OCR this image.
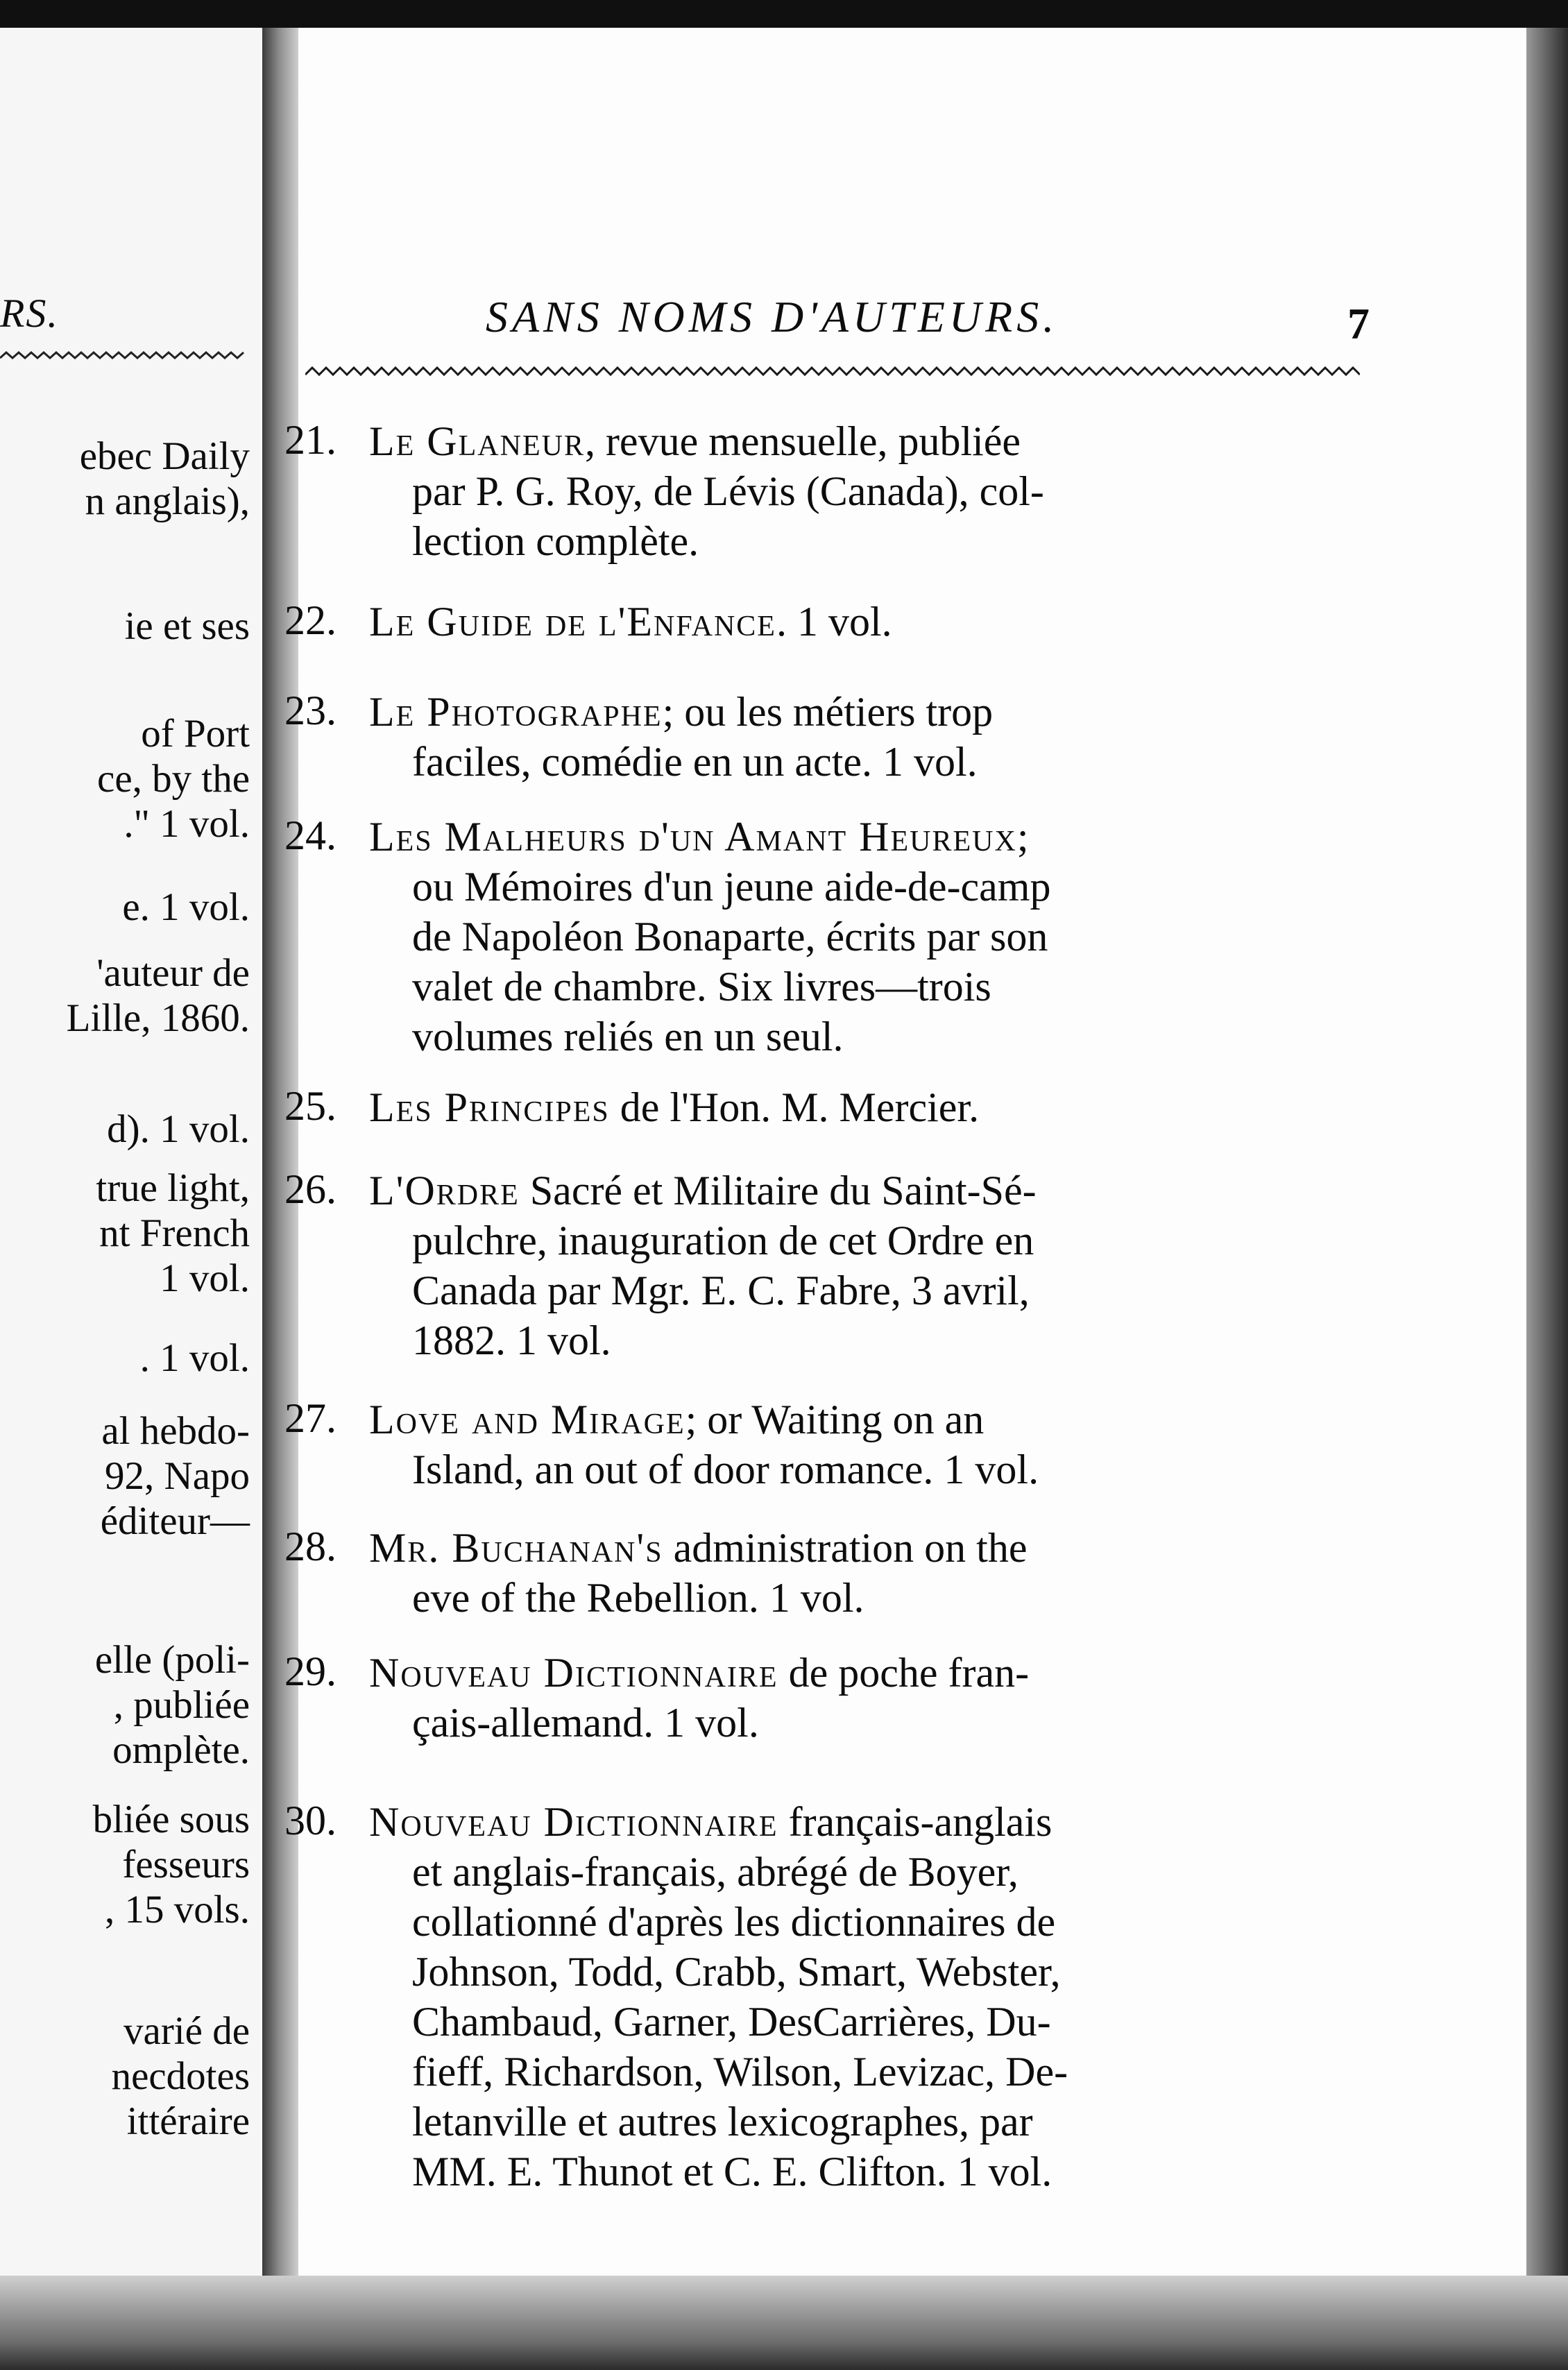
RS.
ebec Daily
n anglais),
ie et ses
of Port
ce, by the
." 1 vol.
e. 1 vol.
'auteur de
Lille, 1860.
d). 1 vol.
true light,
nt French
1 vol.
. 1 vol.
al hebdo-
92, Napo
éditeur—
elle (poli-
, publiée
omplète.
bliée sous
fesseurs
, 15 vols.
varié de
necdotes
ittéraire
SANS NOMS D'AUTEURS.	7
21. Le Glaneur, revue mensuelle, publiée
par P. G. Roy, de Lévis (Canada), col-
lection complète.
22. Le Guide de l'Enfance. 1 vol.
23. Le Photographe; ou les métiers trop
faciles, comédie en un acte. 1 vol.
24. Les Malheurs d'un Amant Heureux;
ou Mémoires d'un jeune aide-de-camp
de Napoléon Bonaparte, écrits par son
valet de chambre. Six livres—trois
volumes reliés en un seul.
25. Les Principes de l'Hon. M. Mercier.
26. L'Ordre Sacré et Militaire du Saint-Sé-
pulchre, inauguration de cet Ordre en
Canada par Mgr. E. C. Fabre, 3 avril,
1882. 1 vol.
27. Love and Mirage; or Waiting on an
Island, an out of door romance. 1 vol.
28. Mr. Buchanan's administration on the
eve of the Rebellion. 1 vol.
29. Nouveau Dictionnaire de poche fran-
çais-allemand. 1 vol.
30. Nouveau Dictionnaire français-anglais
et anglais-français, abrégé de Boyer,
collationné d'après les dictionnaires de
Johnson, Todd, Crabb, Smart, Webster,
Chambaud, Garner, DesCarrières, Du-
fieff, Richardson, Wilson, Levizac, De-
letanville et autres lexicographes, par
MM. E. Thunot et C. E. Clifton. 1 vol.
